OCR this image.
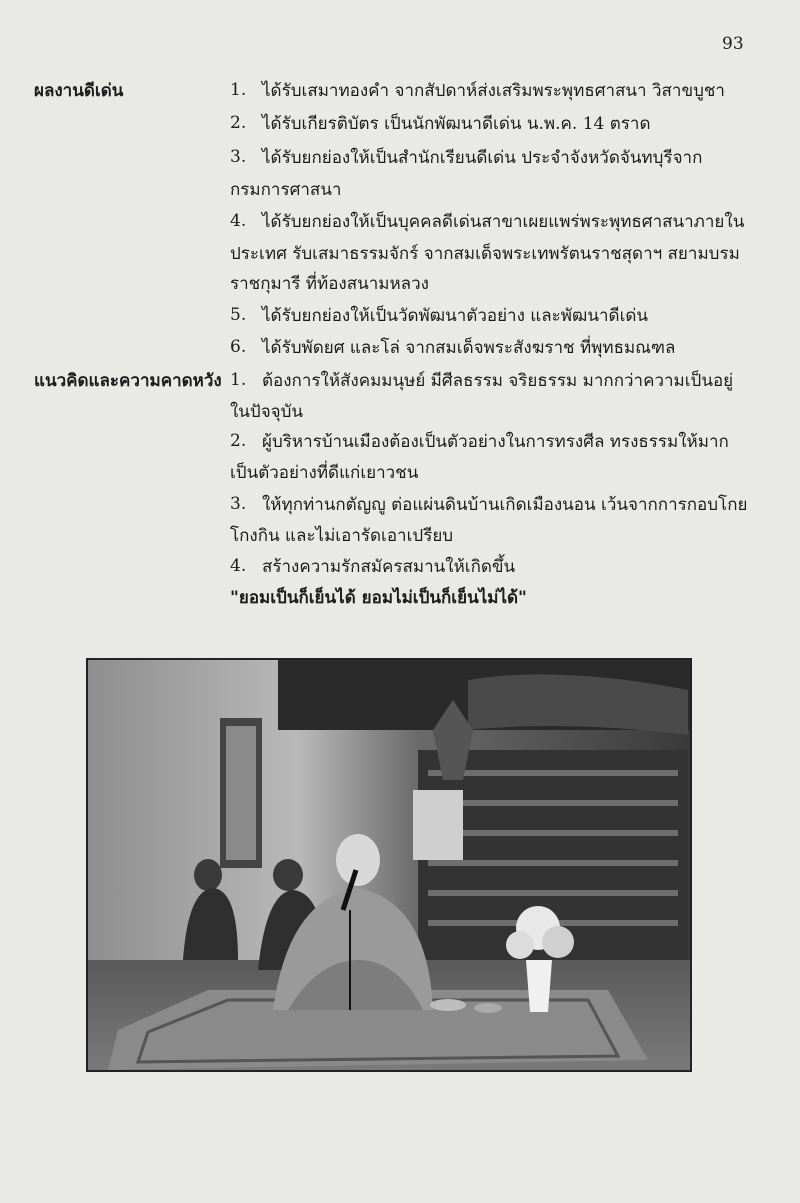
93
ผลงานดีเด่น	1. ได้รับเสมาทองคำ จากสัปดาห์ส่งเสริมพระพุทธศาสนา วิสาขบูชา
2. ได้รับเกียรติบัตร เป็นนักพัฒนาดีเด่น น.พ.ค. 14 ตราด
3. ได้รับยกย่องให้เป็นสำนักเรียนดีเด่น ประจำจังหวัดจันทบุรีจาก
กรมการศาสนา
4. ได้รับยกย่องให้เป็นบุคคลดีเด่นสาขาเผยแพร่พระพุทธศาสนาภายใน
ประเทศ รับเสมาธรรมจักร์ จากสมเด็จพระเทพรัตนราชสุดาฯ สยามบรม
ราชกุมารี ที่ท้องสนามหลวง
5. ได้รับยกย่องให้เป็นวัดพัฒนาตัวอย่าง และพัฒนาดีเด่น
6. ได้รับพัดยศ และโล่ จากสมเด็จพระสังฆราช ที่พุทธมณฑล
แนวคิดและความคาดหวัง 1. ต้องการให้สังคมมนุษย์ มีศีลธรรม จริยธรรม มากกว่าความเป็นอยู่
ในปัจจุบัน
2. ผู้บริหารบ้านเมืองต้องเป็นตัวอย่างในการทรงศีล ทรงธรรมให้มาก
เป็นตัวอย่างที่ดีแก่เยาวชน
3. ให้ทุกท่านกตัญญู ต่อแผ่นดินบ้านเกิดเมืองนอน เว้นจากการกอบโกย
โกงกิน และไม่เอารัดเอาเปรียบ
4. สร้างความรักสมัครสมานให้เกิดขึ้น
"ยอมเป็นก็เย็นได้ ยอมไม่เป็นก็เย็นไม่ได้"
